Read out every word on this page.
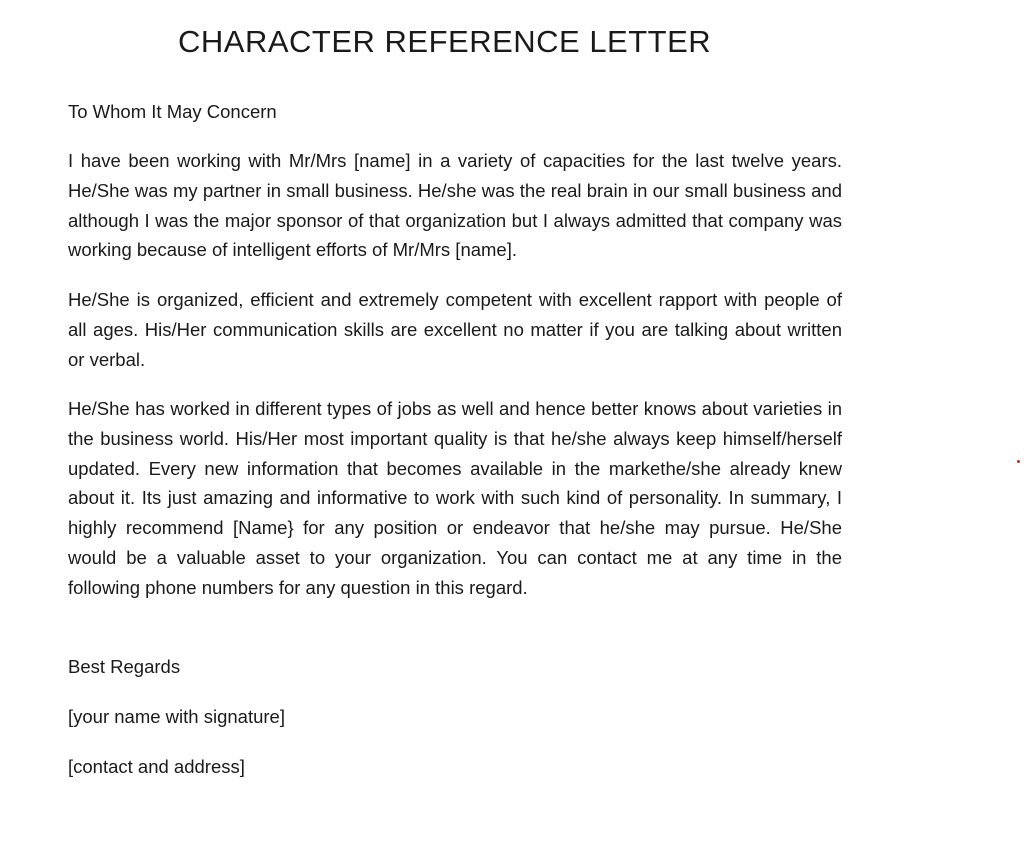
CHARACTER REFERENCE LETTER

To Whom It May Concern

I have been working with Mr/Mrs [name] in a variety of capacities for the last twelve years. He/She was my partner in small business. He/she was the real brain in our small business and although I was the major sponsor of that organization but I always admitted that company was working because of intelligent efforts of Mr/Mrs [name].

He/She is organized, efficient and extremely competent with excellent rapport with people of all ages. His/Her communication skills are excellent no matter if you are talking about written or verbal.

He/She has worked in different types of jobs as well and hence better knows about varieties in the business world. His/Her most important quality is that he/she always keep himself/herself updated. Every new information that becomes available in the markethe/she already knew about it. Its just amazing and informative to work with such kind of personality. In summary, I highly recommend [Name} for any position or endeavor that he/she may pursue. He/She would be a valuable asset to your organization. You can contact me at any time in the following phone numbers for any question in this regard.

Best Regards

[your name with signature]

[contact and address]
